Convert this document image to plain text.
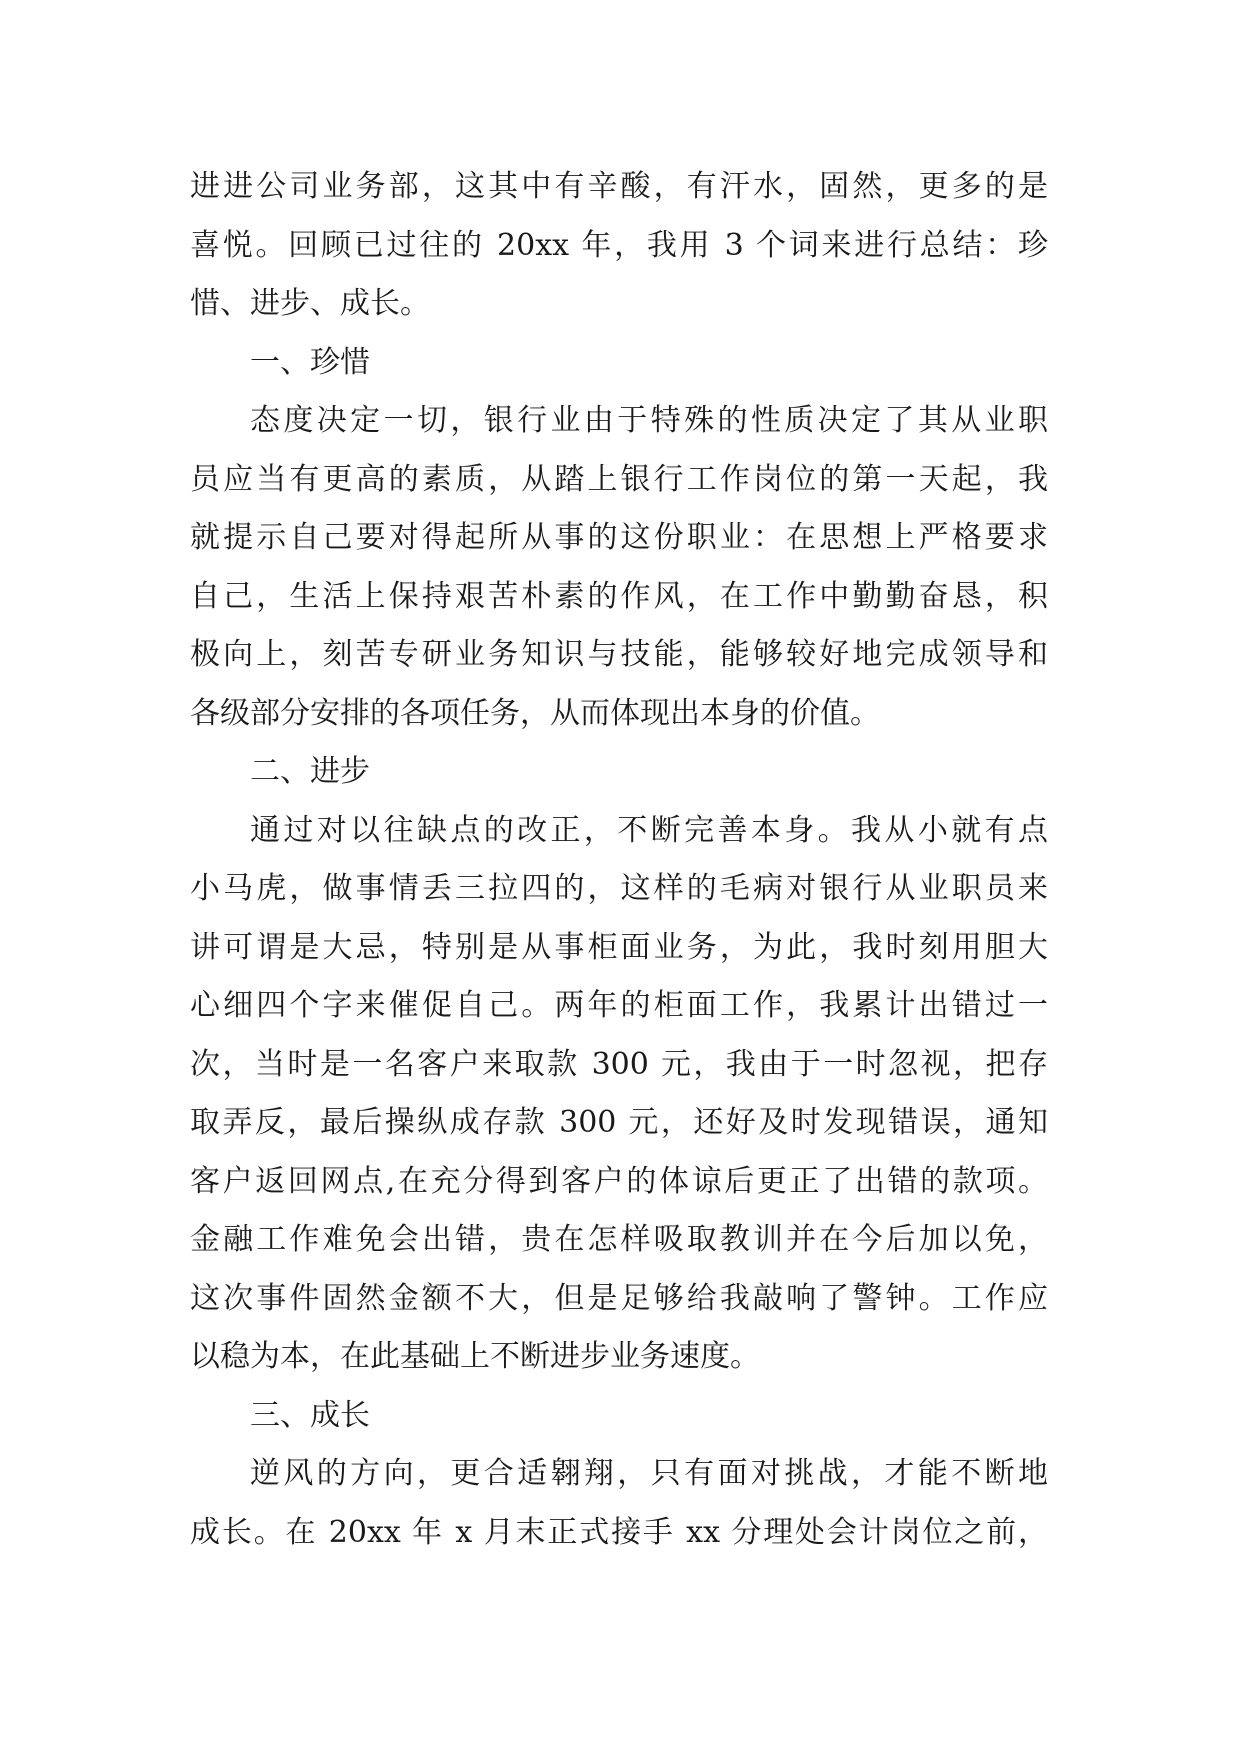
进进公司业务部，这其中有辛酸，有汗水，固然，更多的是
喜悦。回顾已过往的 20xx 年，我用 3 个词来进行总结：珍
惜、进步、成长。
一、珍惜
态度决定一切，银行业由于特殊的性质决定了其从业职
员应当有更高的素质，从踏上银行工作岗位的第一天起，我
就提示自己要对得起所从事的这份职业：在思想上严格要求
自己，生活上保持艰苦朴素的作风，在工作中勤勤奋恳，积
极向上，刻苦专研业务知识与技能，能够较好地完成领导和
各级部分安排的各项任务，从而体现出本身的价值。
二、进步
通过对以往缺点的改正，不断完善本身。我从小就有点
小马虎，做事情丢三拉四的，这样的毛病对银行从业职员来
讲可谓是大忌，特别是从事柜面业务，为此，我时刻用胆大
心细四个字来催促自己。两年的柜面工作，我累计出错过一
次，当时是一名客户来取款 300 元，我由于一时忽视，把存
取弄反，最后操纵成存款 300 元，还好及时发现错误，通知
客户返回网点,在充分得到客户的体谅后更正了出错的款项。
金融工作难免会出错，贵在怎样吸取教训并在今后加以免，
这次事件固然金额不大，但是足够给我敲响了警钟。工作应
以稳为本，在此基础上不断进步业务速度。
三、成长
逆风的方向，更合适翱翔，只有面对挑战，才能不断地
成长。在 20xx 年 x 月末正式接手 xx 分理处会计岗位之前，
